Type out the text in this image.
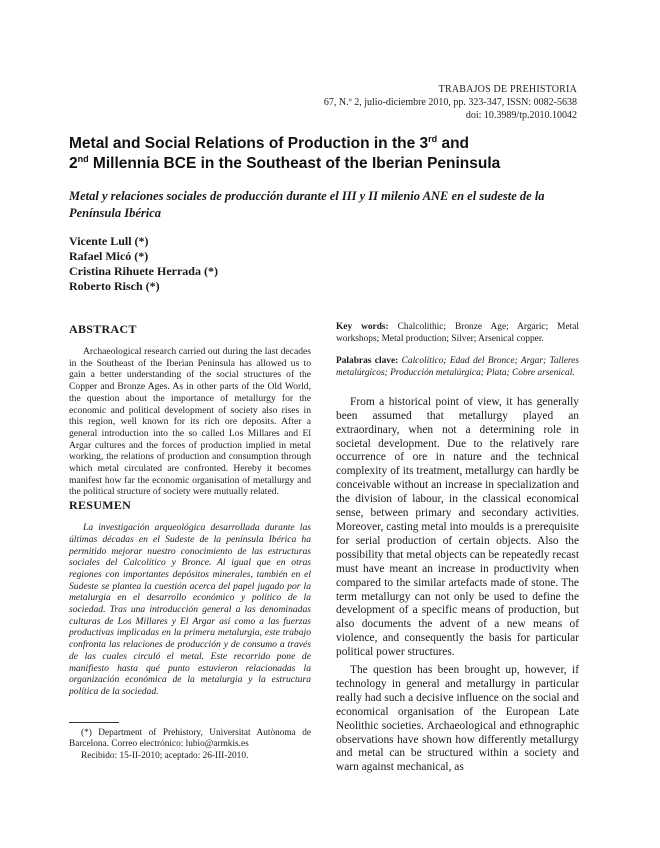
TRABAJOS DE PREHISTORIA
67, N.º 2, julio-diciembre 2010, pp. 323-347, ISSN: 0082-5638
doi: 10.3989/tp.2010.10042
Metal and Social Relations of Production in the 3rd and
2nd Millennia BCE in the Southeast of the Iberian Peninsula
Metal y relaciones sociales de producción durante el III y II milenio ANE en el sudeste de la Península Ibérica
Vicente Lull (*)
Rafael Micó (*)
Cristina Rihuete Herrada (*)
Roberto Risch (*)
ABSTRACT

Archaeological research carried out during the last decades in the Southeast of the Iberian Peninsula has allowed us to gain a better understanding of the social structures of the Copper and Bronze Ages. As in other parts of the Old World, the question about the importance of metallurgy for the economic and political development of society also rises in this region, well known for its rich ore deposits. After a general introduction into the so called Los Millares and El Argar cultures and the forces of production implied in metal working, the relations of production and consumption through which metal circulated are confronted. Hereby it becomes manifest how far the economic organisation of metallurgy and the political structure of society were mutually related.

RESUMEN

La investigación arqueológica desarrollada durante las últimas décadas en el Sudeste de la península Ibérica ha permitido mejorar nuestro conocimiento de las estructuras sociales del Calcolítico y Bronce. Al igual que en otras regiones con importantes depósitos minerales, también en el Sudeste se plantea la cuestión acerca del papel jugado por la metalurgia en el desarrollo económico y político de la sociedad. Tras una introducción general a las denominadas culturas de Los Millares y El Argar así como a las fuerzas productivas implicadas en la primera metalurgia, este trabajo confronta las relaciones de producción y de consumo a través de las cuales circuló el metal. Este recorrido pone de manifiesto hasta qué punto estuvieron relacionadas la organización económica de la metalurgia y la estructura política de la sociedad.

(*) Department of Prehistory, Universitat Autònoma de Barcelona. Correo electrónico: lubio@armkis.es

Recibido: 15-II-2010; aceptado: 26-III-2010.

Key words: Chalcolithic; Bronze Age; Argaric; Metal workshops; Metal production; Silver; Arsenical copper.

Palabras clave: Calcolítico; Edad del Bronce; Argar; Talleres metalúrgicos; Producción metalúrgica; Plata; Cobre arsenical.

From a historical point of view, it has generally been assumed that metallurgy played an extraordinary, when not a determining role in societal development. Due to the relatively rare occurrence of ore in nature and the technical complexity of its treatment, metallurgy can hardly be conceivable without an increase in specialization and the division of labour, in the classical economical sense, between primary and secondary activities. Moreover, casting metal into moulds is a prerequisite for serial production of certain objects. Also the possibility that metal objects can be repeatedly recast must have meant an increase in productivity when compared to the similar artefacts made of stone. The term metallurgy can not only be used to define the development of a specific means of production, but also documents the advent of a new means of violence, and consequently the basis for particular political power structures.

The question has been brought up, however, if technology in general and metallurgy in particular really had such a decisive influence on the social and economical organisation of the European Late Neolithic societies. Archaeological and ethnographic observations have shown how differently metallurgy and metal can be structured within a society and warn against mechanical, as
